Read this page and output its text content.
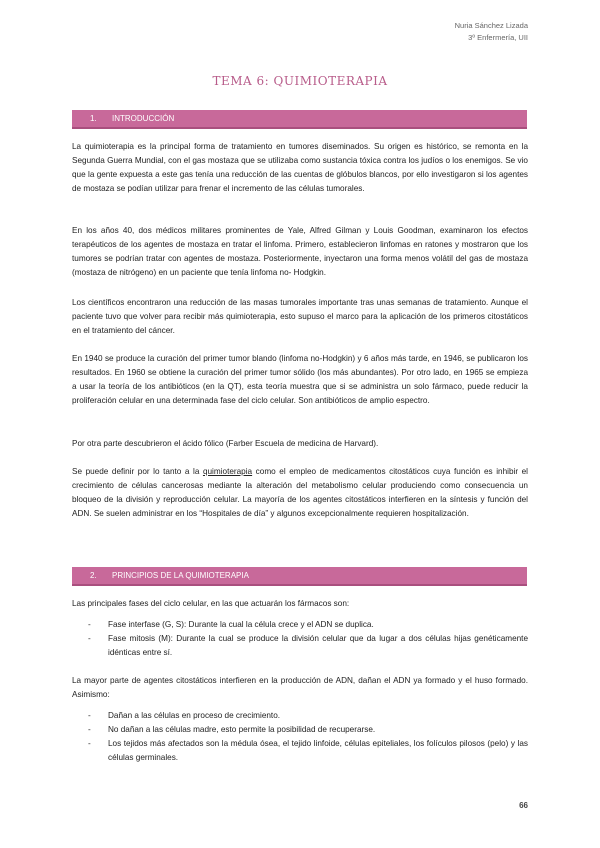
Nuria Sánchez Lizada
3º Enfermería, UII
TEMA 6: QUIMIOTERAPIA
1. INTRODUCCIÓN

La quimioterapia es la principal forma de tratamiento en tumores diseminados. Su origen es histórico, se remonta en la Segunda Guerra Mundial, con el gas mostaza que se utilizaba como sustancia tóxica contra los judíos o los enemigos. Se vio que la gente expuesta a este gas tenía una reducción de las cuentas de glóbulos blancos, por ello investigaron si los agentes de mostaza se podían utilizar para frenar el incremento de las células tumorales.

En los años 40, dos médicos militares prominentes de Yale, Alfred Gilman y Louis Goodman, examinaron los efectos terapéuticos de los agentes de mostaza en tratar el linfoma. Primero, establecieron linfomas en ratones y mostraron que los tumores se podrían tratar con agentes de mostaza. Posteriormente, inyectaron una forma menos volátil del gas de mostaza (mostaza de nitrógeno) en un paciente que tenía linfoma no- Hodgkin.

Los científicos encontraron una reducción de las masas tumorales importante tras unas semanas de tratamiento. Aunque el paciente tuvo que volver para recibir más quimioterapia, esto supuso el marco para la aplicación de los primeros citostáticos en el tratamiento del cáncer.

En 1940 se produce la curación del primer tumor blando (linfoma no-Hodgkin) y 6 años más tarde, en 1946, se publicaron los resultados. En 1960 se obtiene la curación del primer tumor sólido (los más abundantes). Por otro lado, en 1965 se empieza a usar la teoría de los antibióticos (en la QT), esta teoría muestra que si se administra un solo fármaco, puede reducir la proliferación celular en una determinada fase del ciclo celular. Son antibióticos de amplio espectro.

Por otra parte descubrieron el ácido fólico (Farber Escuela de medicina de Harvard).

Se puede definir por lo tanto a la quimioterapia como el empleo de medicamentos citostáticos cuya función es inhibir el crecimiento de células cancerosas mediante la alteración del metabolismo celular produciendo como consecuencia un bloqueo de la división y reproducción celular. La mayoría de los agentes citostáticos interfieren en la síntesis y función del ADN. Se suelen administrar en los “Hospitales de día” y algunos excepcionalmente requieren hospitalización.

2. PRINCIPIOS DE LA QUIMIOTERAPIA

Las principales fases del ciclo celular, en las que actuarán los fármacos son:

- Fase interfase (G, S): Durante la cual la célula crece y el ADN se duplica.
- Fase mitosis (M): Durante la cual se produce la división celular que da lugar a dos células hijas genéticamente idénticas entre sí.

La mayor parte de agentes citostáticos interfieren en la producción de ADN, dañan el ADN ya formado y el huso formado. Asimismo:

- Dañan a las células en proceso de crecimiento.
- No dañan a las células madre, esto permite la posibilidad de recuperarse.
- Los tejidos más afectados son la médula ósea, el tejido linfoide, células epiteliales, los folículos pilosos (pelo) y las células germinales.
66
